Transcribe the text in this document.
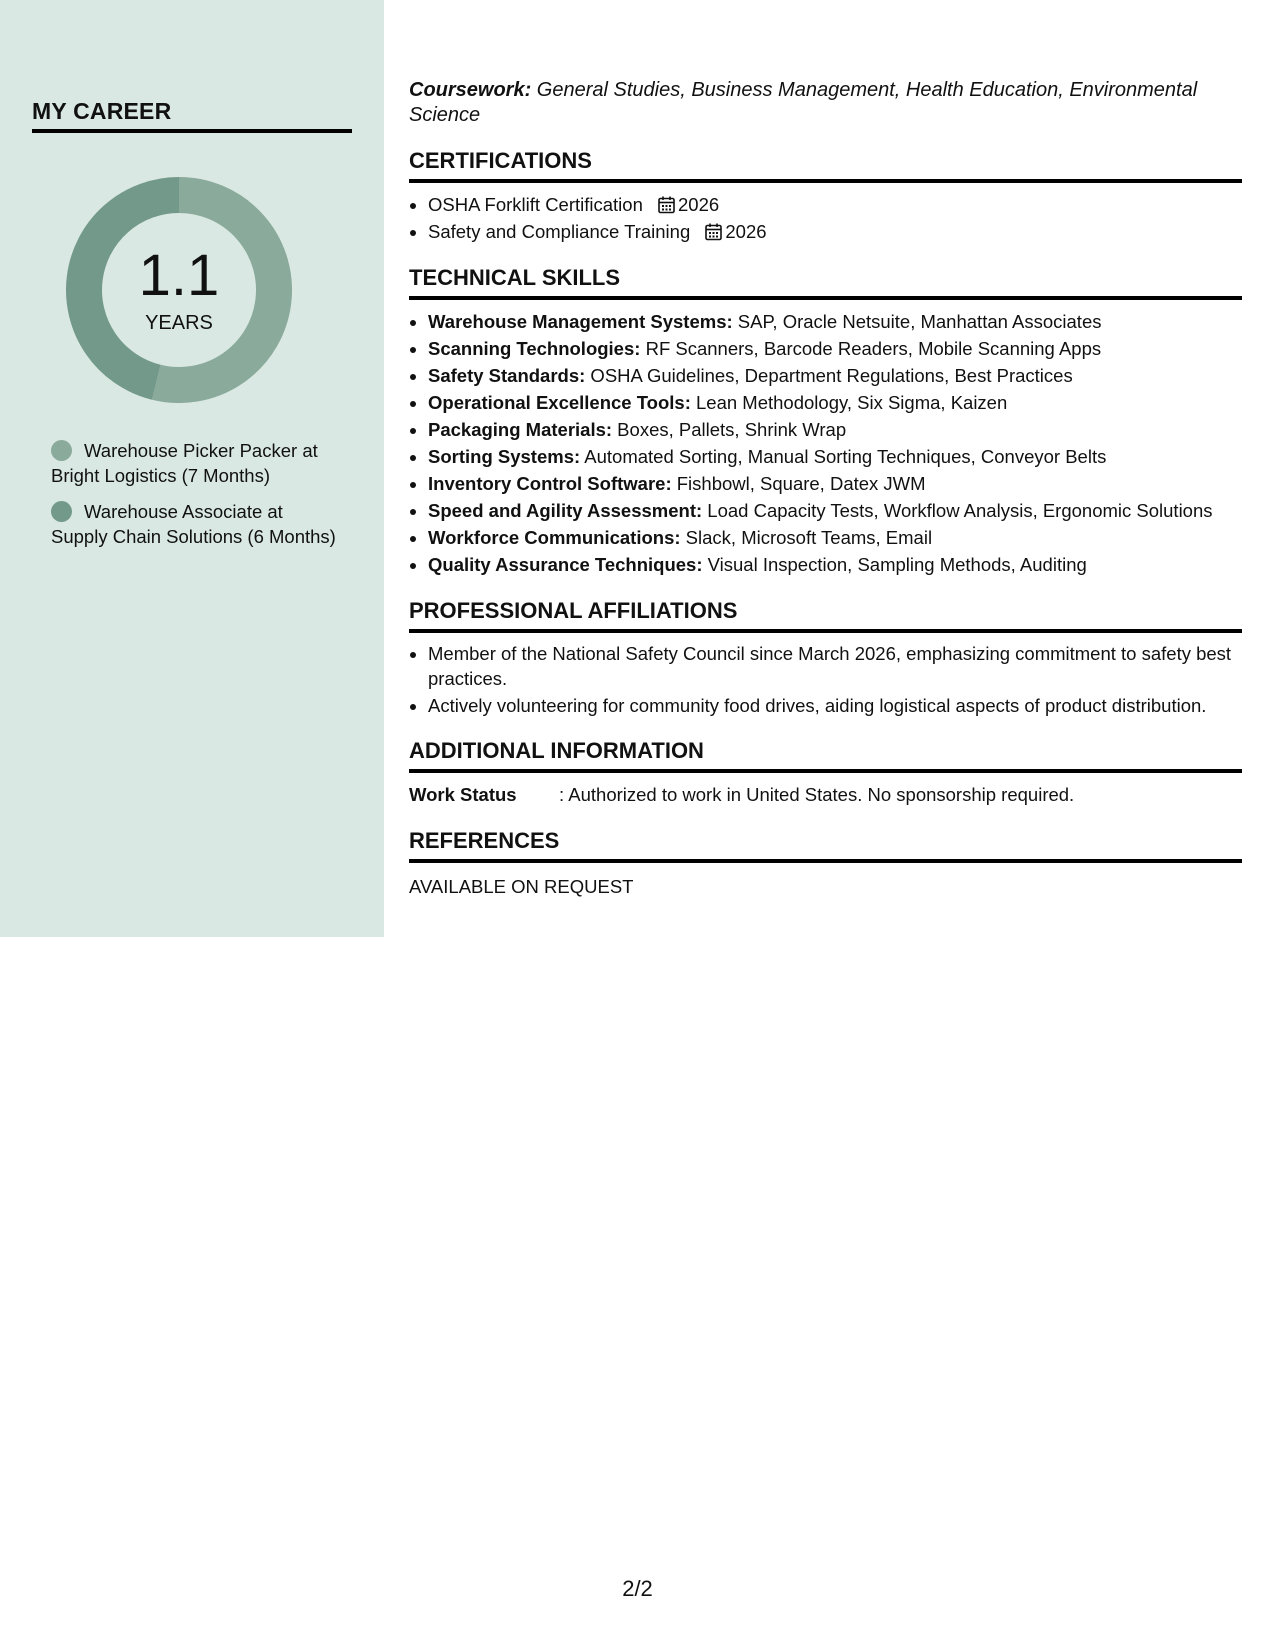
MY CAREER
1.1
YEARS
Warehouse Picker Packer at Bright Logistics (7 Months)
Warehouse Associate at Supply Chain Solutions (6 Months)

Coursework: General Studies, Business Management, Health Education, Environmental Science

CERTIFICATIONS
• OSHA Forklift Certification 2026
• Safety and Compliance Training 2026
TECHNICAL SKILLS
• Warehouse Management Systems: SAP, Oracle Netsuite, Manhattan Associates
• Scanning Technologies: RF Scanners, Barcode Readers, Mobile Scanning Apps
• Safety Standards: OSHA Guidelines, Department Regulations, Best Practices
• Operational Excellence Tools: Lean Methodology, Six Sigma, Kaizen
• Packaging Materials: Boxes, Pallets, Shrink Wrap
• Sorting Systems: Automated Sorting, Manual Sorting Techniques, Conveyor Belts
• Inventory Control Software: Fishbowl, Square, Datex JWM
• Speed and Agility Assessment: Load Capacity Tests, Workflow Analysis, Ergonomic Solutions
• Workforce Communications: Slack, Microsoft Teams, Email
• Quality Assurance Techniques: Visual Inspection, Sampling Methods, Auditing
PROFESSIONAL AFFILIATIONS
• Member of the National Safety Council since March 2026, emphasizing commitment to safety best practices.
• Actively volunteering for community food drives, aiding logistical aspects of product distribution.
ADDITIONAL INFORMATION
Work Status : Authorized to work in United States. No sponsorship required.
REFERENCES
AVAILABLE ON REQUEST
2/2
